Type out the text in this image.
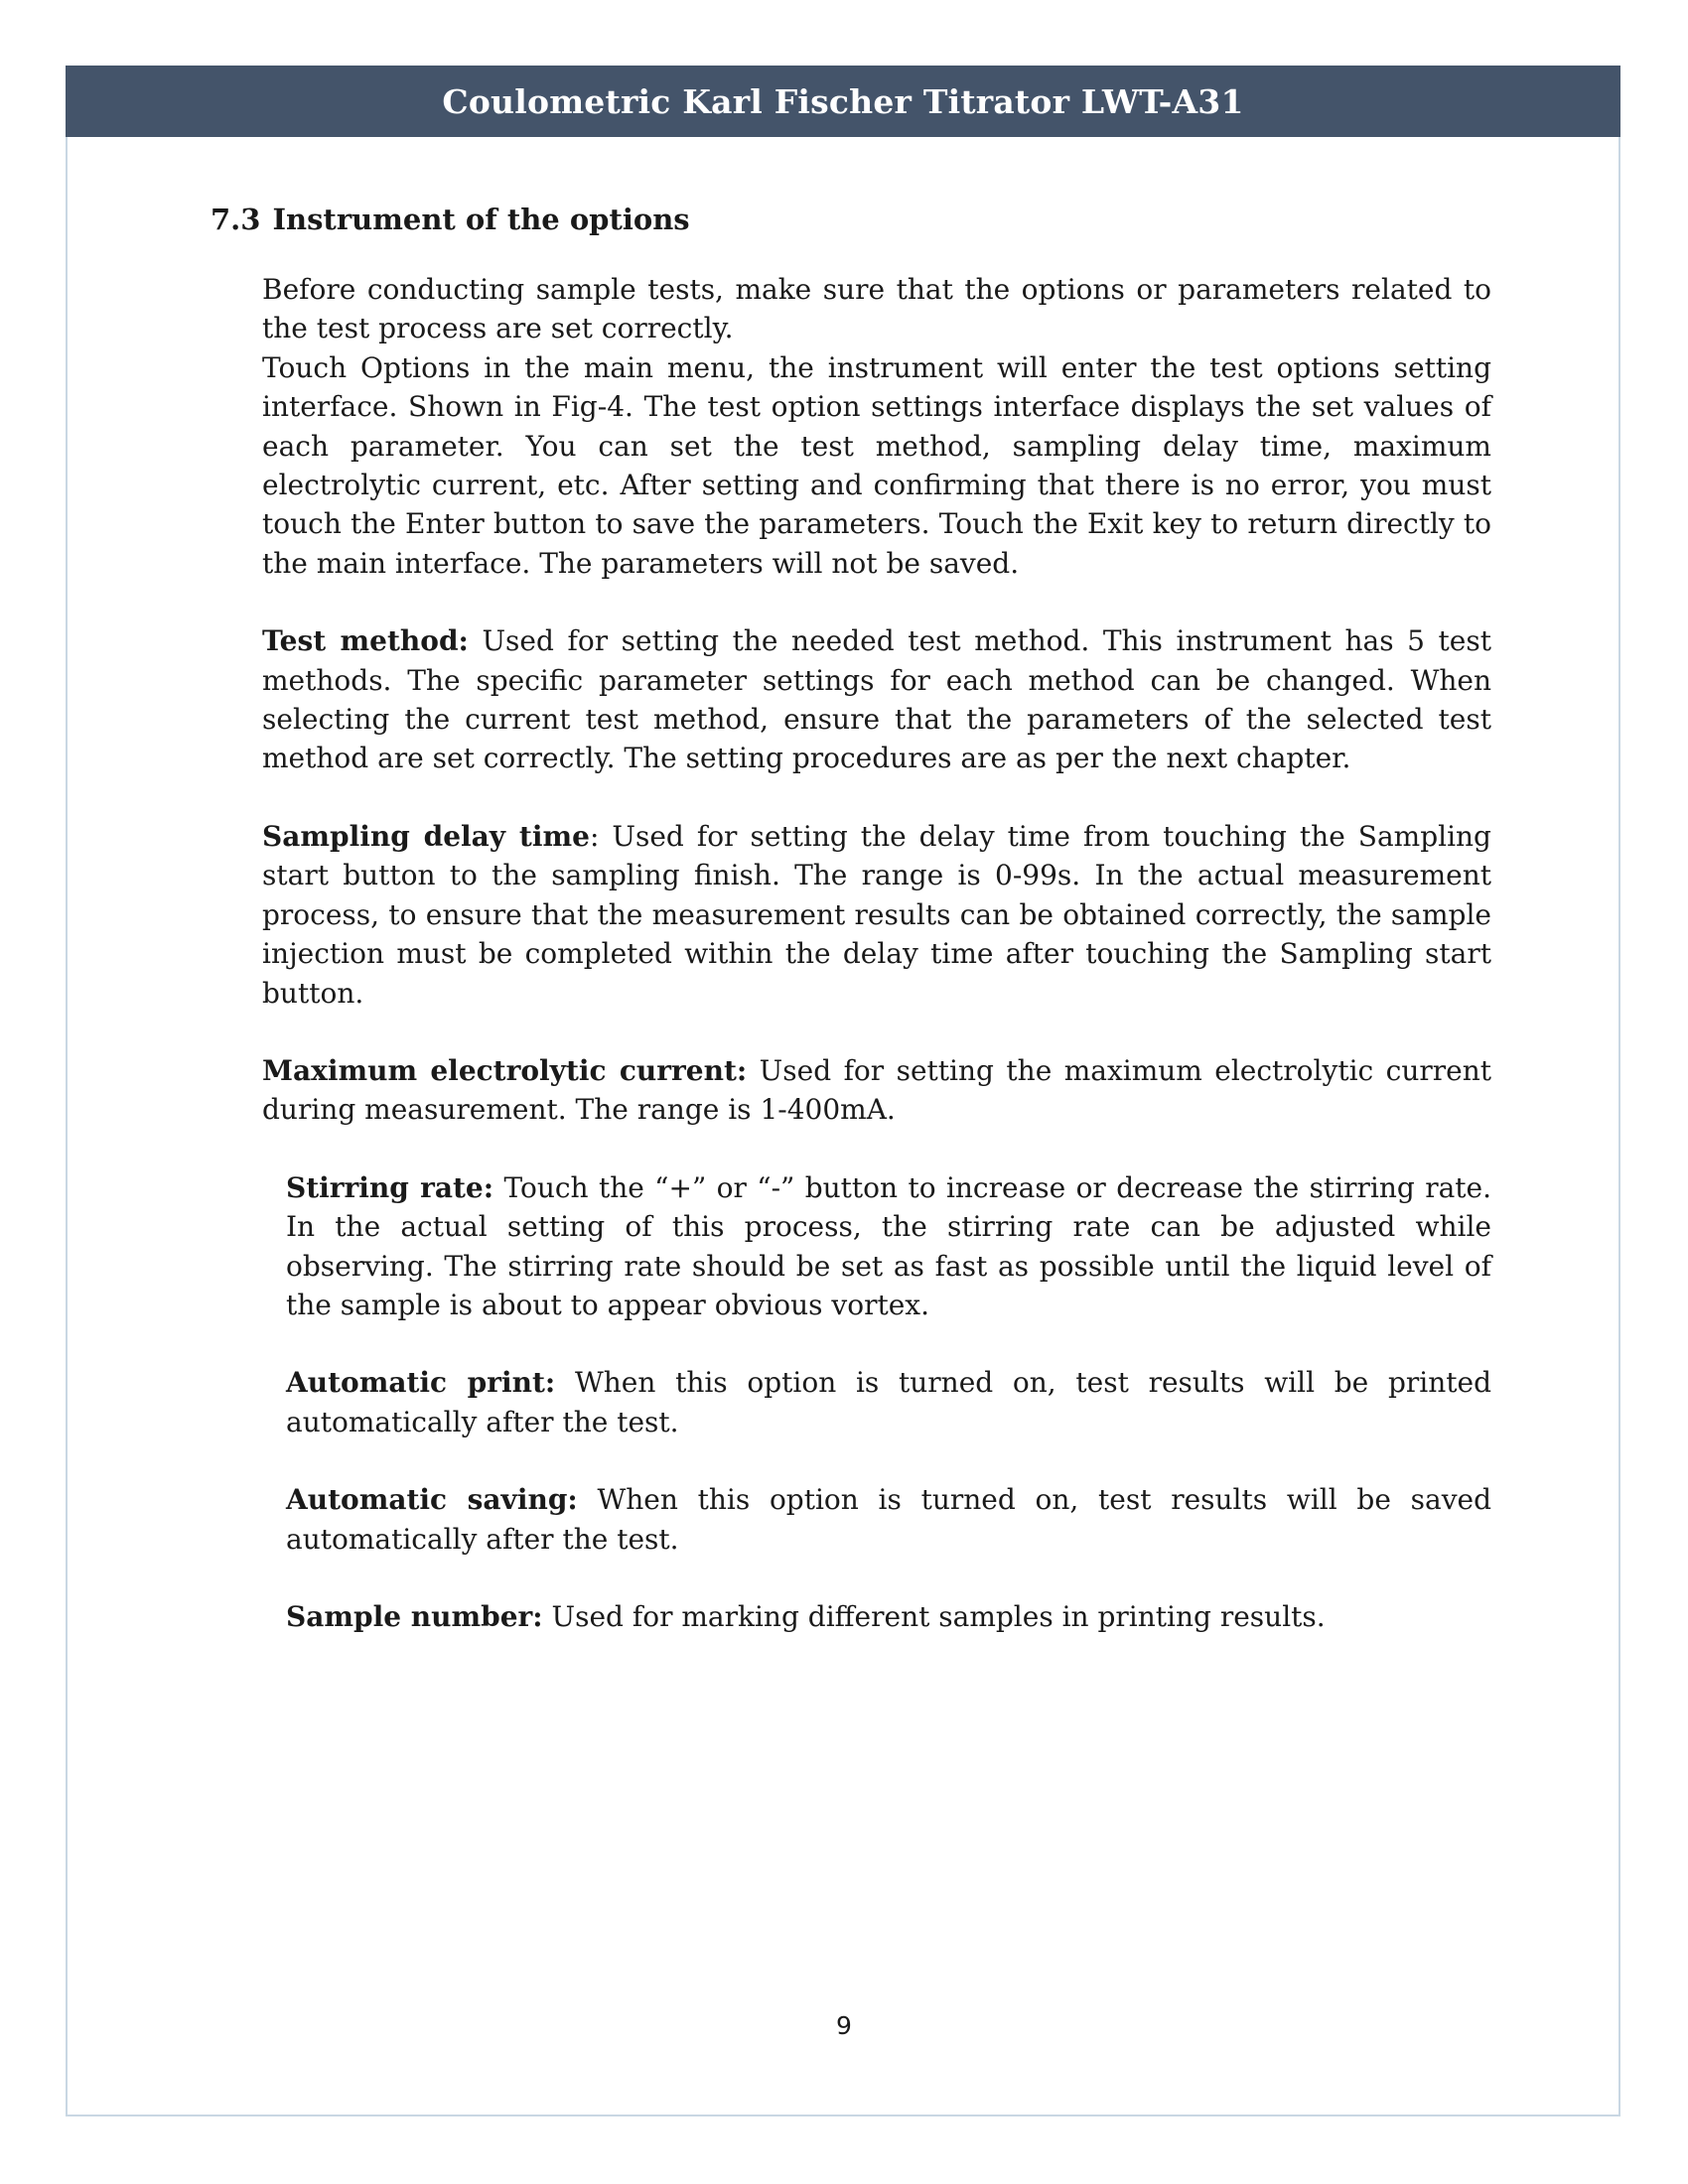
Coulometric Karl Fischer Titrator LWT-A31
7.3 Instrument of the options

Before conducting sample tests, make sure that the options or parameters related to the test process are set correctly.

Touch Options in the main menu, the instrument will enter the test options setting interface. Shown in Fig-4. The test option settings interface displays the set values of each parameter. You can set the test method, sampling delay time, maximum electrolytic current, etc. After setting and confirming that there is no error, you must touch the Enter button to save the parameters. Touch the Exit key to return directly to the main interface. The parameters will not be saved.

Test method: Used for setting the needed test method. This instrument has 5 test methods. The specific parameter settings for each method can be changed. When selecting the current test method, ensure that the parameters of the selected test method are set correctly. The setting procedures are as per the next chapter.

Sampling delay time: Used for setting the delay time from touching the Sampling start button to the sampling finish. The range is 0-99s. In the actual measurement process, to ensure that the measurement results can be obtained correctly, the sample injection must be completed within the delay time after touching the Sampling start button.

Maximum electrolytic current: Used for setting the maximum electrolytic current during measurement. The range is 1-400mA.

Stirring rate: Touch the “+” or “-” button to increase or decrease the stirring rate. In the actual setting of this process, the stirring rate can be adjusted while observing. The stirring rate should be set as fast as possible until the liquid level of the sample is about to appear obvious vortex.

Automatic print: When this option is turned on, test results will be printed automatically after the test.

Automatic saving: When this option is turned on, test results will be saved automatically after the test.

Sample number: Used for marking different samples in printing results.

9
